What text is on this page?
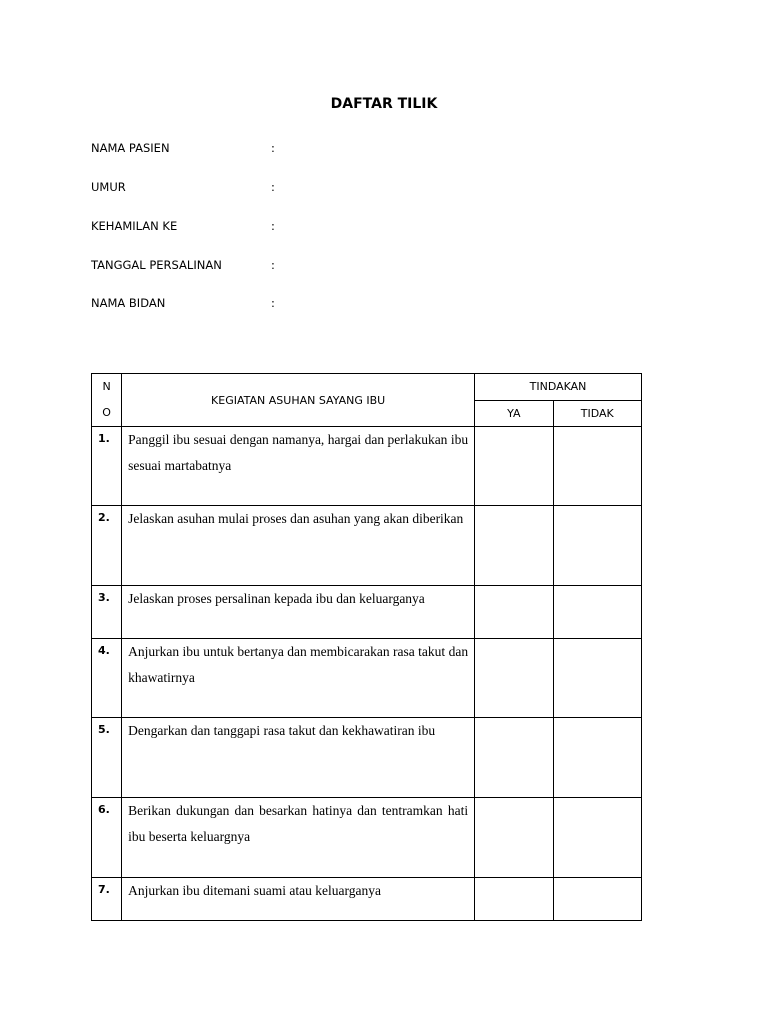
DAFTAR TILIK
NAMA PASIEN	:
UMUR	:
KEHAMILAN KE	:
TANGGAL PERSALINAN	:
NAMA BIDAN	:
N
O	KEGIATAN ASUHAN SAYANG IBU	TINDAKAN	
		YA	TIDAK
1.	Panggil ibu sesuai dengan namanya, hargai dan perlakukan ibu sesuai martabatnya		
2.	Jelaskan asuhan mulai proses dan asuhan yang akan diberikan		
3.	Jelaskan proses persalinan kepada ibu dan keluarganya		
4.	Anjurkan ibu untuk bertanya dan membicarakan rasa takut dan khawatirnya		
5.	Dengarkan dan tanggapi rasa takut dan kekhawatiran ibu		
6.	Berikan dukungan dan besarkan hatinya dan tentramkan hati ibu beserta keluargnya		
7.	Anjurkan ibu ditemani suami atau keluarganya		
